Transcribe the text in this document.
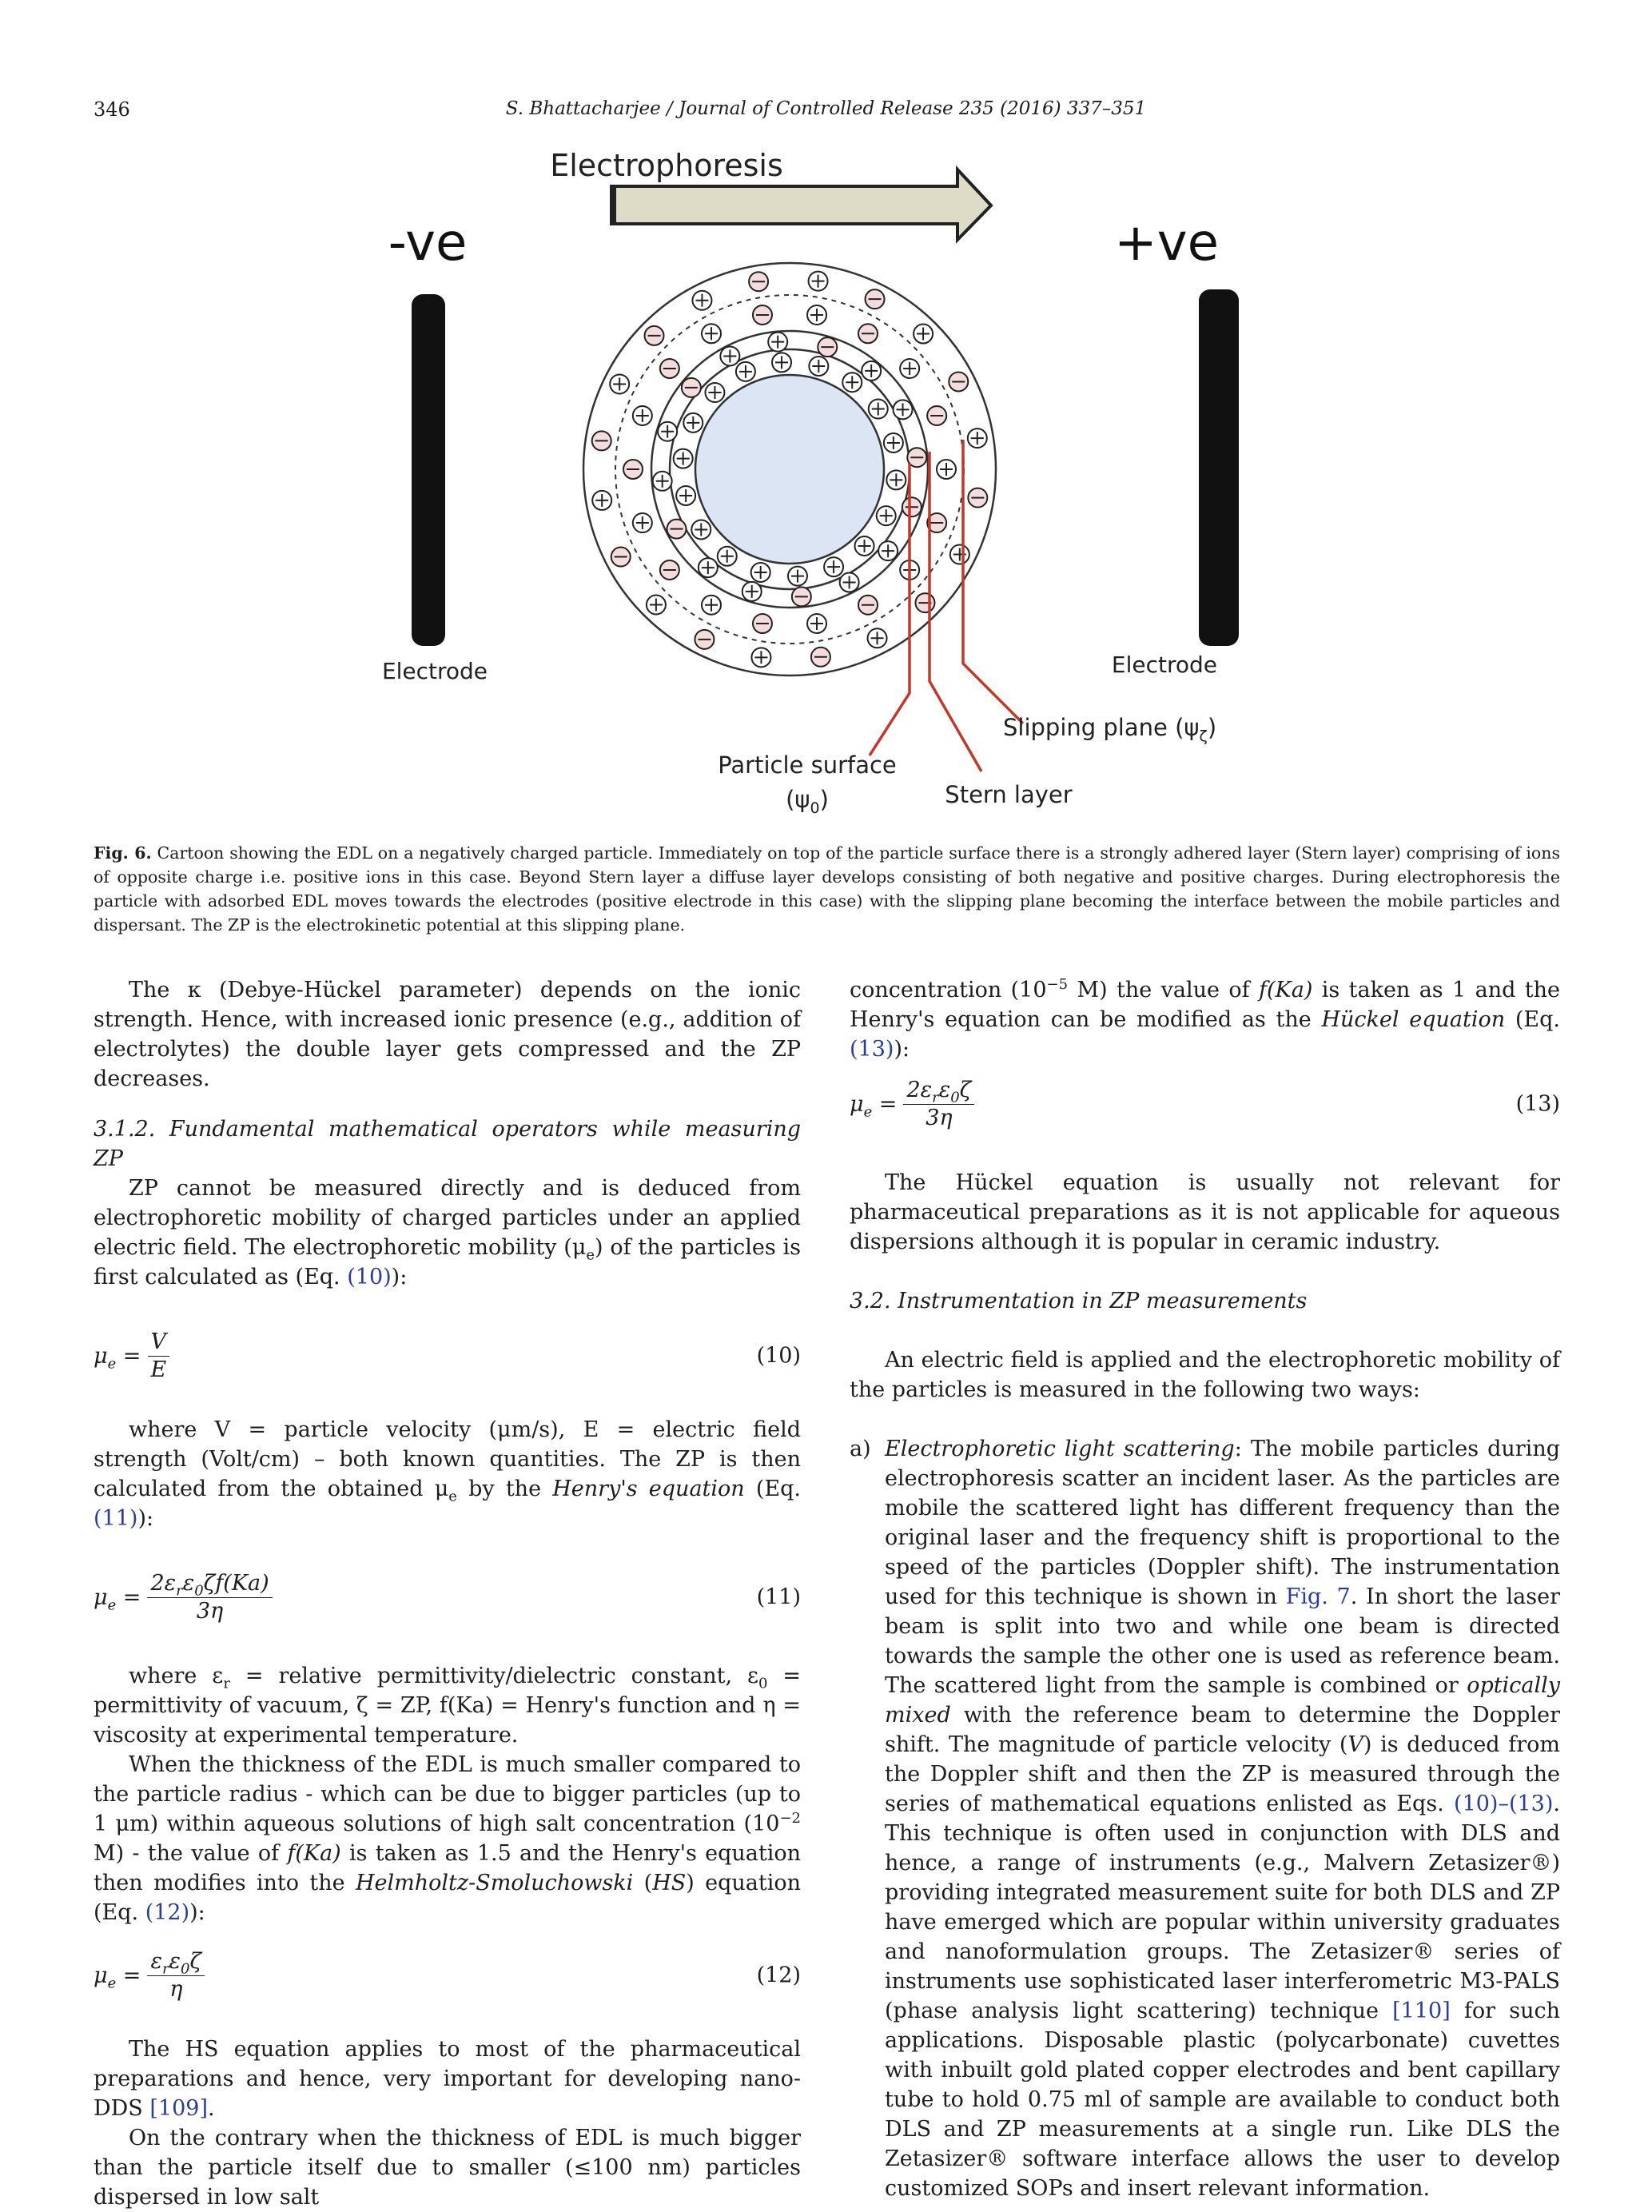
346	S. Bhattacharjee / Journal of Controlled Release 235 (2016) 337–351
Electrophoresis
-ve
Electrode
+ve
Electrode
Slipping plane $(\psi_\zeta)$
Particle surface
$(\psi_0)$	Stern layer
Fig. 6. Cartoon showing the EDL on a negatively charged particle. Immediately on top of the particle surface there is a strongly adhered layer (Stern layer) comprising of ions of opposite charge i.e. positive ions in this case. Beyond Stern layer a diffuse layer develops consisting of both negative and positive charges. During electrophoresis the particle with adsorbed EDL moves towards the electrodes (positive electrode in this case) with the slipping plane becoming the interface between the mobile particles and dispersant. The ZP is the electrokinetic potential at this slipping plane.

The κ (Debye-Hückel parameter) depends on the ionic strength. Hence, with increased ionic presence (e.g., addition of electrolytes) the double layer gets compressed and the ZP decreases.

3.1.2. Fundamental mathematical operators while measuring ZP

ZP cannot be measured directly and is deduced from electrophoretic mobility of charged particles under an applied electric field. The electrophoretic mobility $(\mu_e)$ of the particles is first calculated as (Eq. (10)):

$\mu_e = \frac{V}{E}$	(10)

where V = particle velocity (μm/s), E = electric field strength (Volt/cm) – both known quantities. The ZP is then calculated from the obtained $\mu_e$ by the Henry's equation (Eq. (11)):

$\mu_e = \frac{2\varepsilon_r\varepsilon_0\zeta f(Ka)}{3\eta}$	(11)

where $\varepsilon_r$ = relative permittivity/dielectric constant, $\varepsilon_0$ = permittivity of vacuum, ζ = ZP, f(Ka) = Henry's function and η = viscosity at experimental temperature.

When the thickness of the EDL is much smaller compared to the particle radius - which can be due to bigger particles (up to 1 μm) within aqueous solutions of high salt concentration ($10^{-2}$ M) - the value of f(Ka) is taken as 1.5 and the Henry's equation then modifies into the Helmholtz-Smoluchowski (HS) equation (Eq. (12)):

$\mu_e = \frac{\varepsilon_r\varepsilon_0\zeta}{\eta}$	(12)

The HS equation applies to most of the pharmaceutical preparations and hence, very important for developing nano-DDS [109].

On the contrary when the thickness of EDL is much bigger than the particle itself due to smaller (≤100 nm) particles dispersed in low salt

concentration ($10^{-5}$ M) the value of f(Ka) is taken as 1 and the Henry's equation can be modified as the Hückel equation (Eq. (13)):

$\mu_e = \frac{2\varepsilon_r\varepsilon_0\zeta}{3\eta}$	(13)

The Hückel equation is usually not relevant for pharmaceutical preparations as it is not applicable for aqueous dispersions although it is popular in ceramic industry.

3.2. Instrumentation in ZP measurements

An electric field is applied and the electrophoretic mobility of the particles is measured in the following two ways:

a) Electrophoretic light scattering: The mobile particles during electrophoresis scatter an incident laser. As the particles are mobile the scattered light has different frequency than the original laser and the frequency shift is proportional to the speed of the particles (Doppler shift). The instrumentation used for this technique is shown in Fig. 7. In short the laser beam is split into two and while one beam is directed towards the sample the other one is used as reference beam. The scattered light from the sample is combined or optically mixed with the reference beam to determine the Doppler shift. The magnitude of particle velocity (V) is deduced from the Doppler shift and then the ZP is measured through the series of mathematical equations enlisted as Eqs. (10)–(13). This technique is often used in conjunction with DLS and hence, a range of instruments (e.g., Malvern Zetasizer®) providing integrated measurement suite for both DLS and ZP have emerged which are popular within university graduates and nanoformulation groups. The Zetasizer® series of instruments use sophisticated laser interferometric M3-PALS (phase analysis light scattering) technique [110] for such applications. Disposable plastic (polycarbonate) cuvettes with inbuilt gold plated copper electrodes and bent capillary tube to hold 0.75 ml of sample are available to conduct both DLS and ZP measurements at a single run. Like DLS the Zetasizer® software interface allows the user to develop customized SOPs and insert relevant information.
